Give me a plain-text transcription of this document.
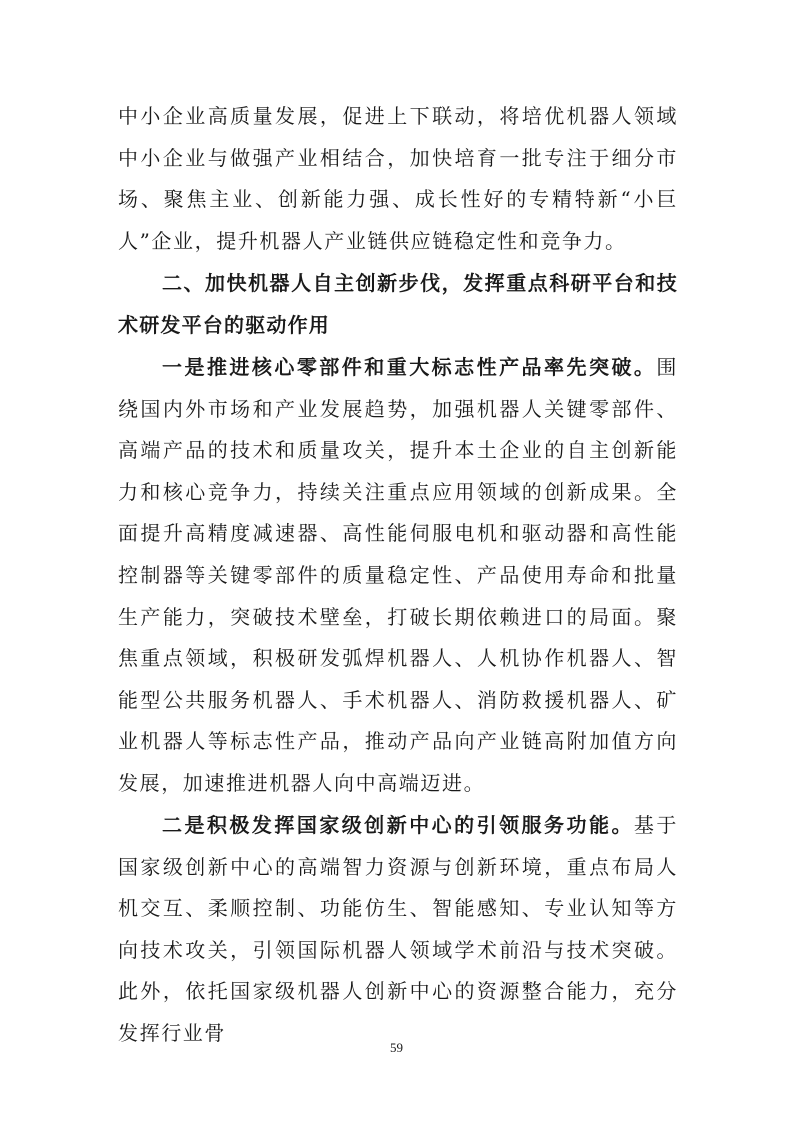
中小企业高质量发展，促进上下联动，将培优机器人领域中小企业与做强产业相结合，加快培育一批专注于细分市场、聚焦主业、创新能力强、成长性好的专精特新“小巨人”企业，提升机器人产业链供应链稳定性和竞争力。

二、加快机器人自主创新步伐，发挥重点科研平台和技术研发平台的驱动作用

一是推进核心零部件和重大标志性产品率先突破。围绕国内外市场和产业发展趋势，加强机器人关键零部件、高端产品的技术和质量攻关，提升本土企业的自主创新能力和核心竞争力，持续关注重点应用领域的创新成果。全面提升高精度减速器、高性能伺服电机和驱动器和高性能控制器等关键零部件的质量稳定性、产品使用寿命和批量生产能力，突破技术壁垒，打破长期依赖进口的局面。聚焦重点领域，积极研发弧焊机器人、人机协作机器人、智能型公共服务机器人、手术机器人、消防救援机器人、矿业机器人等标志性产品，推动产品向产业链高附加值方向发展，加速推进机器人向中高端迈进。

二是积极发挥国家级创新中心的引领服务功能。基于国家级创新中心的高端智力资源与创新环境，重点布局人机交互、柔顺控制、功能仿生、智能感知、专业认知等方向技术攻关，引领国际机器人领域学术前沿与技术突破。此外，依托国家级机器人创新中心的资源整合能力，充分发挥行业骨

59
